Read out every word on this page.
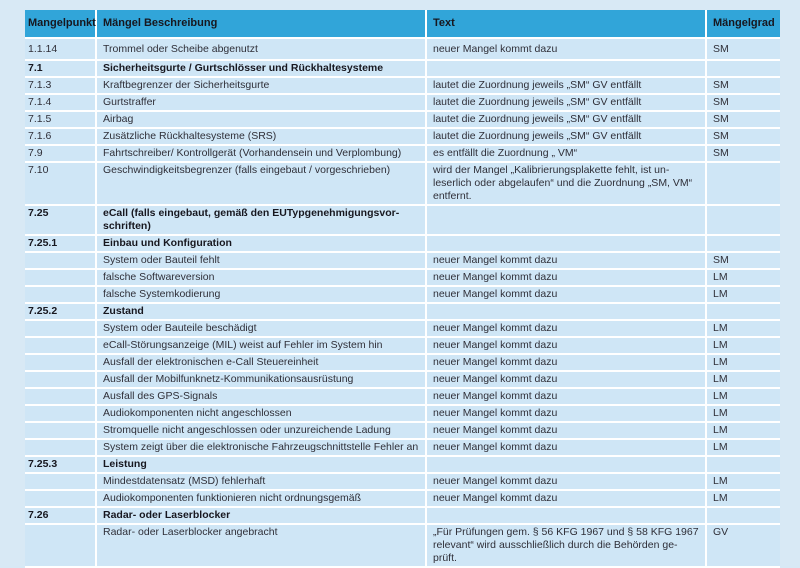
Mangelpunkt	Mängel Beschreibung	Text	Mängelgrad
1.1.14	Trommel oder Scheibe abgenutzt	neuer Mangel kommt dazu	SM
7.1	Sicherheitsgurte / Gurtschlösser und Rückhaltesysteme		
7.1.3	Kraftbegrenzer der Sicherheitsgurte	lautet die Zuordnung jeweils „SM“ GV entfällt	SM
7.1.4	Gurtstraffer	lautet die Zuordnung jeweils „SM“ GV entfällt	SM
7.1.5	Airbag	lautet die Zuordnung jeweils „SM“ GV entfällt	SM
7.1.6	Zusätzliche Rückhaltesysteme (SRS)	lautet die Zuordnung jeweils „SM“ GV entfällt	SM
7.9	Fahrtschreiber/ Kontrollgerät (Vorhandensein und Verplombung)	es entfällt die Zuordnung „ VM“	SM
7.10	Geschwindigkeitsbegrenzer (falls eingebaut / vorgeschrieben)	wird der Mangel „Kalibrierungsplakette fehlt, ist un-leserlich oder abgelaufen“ und die Zuordnung „SM, VM“ entfernt.	
7.25	eCall (falls eingebaut, gemäß den EUTypgenehmigungsvor-schriften)		
7.25.1	Einbau und Konfiguration		
	System oder Bauteil fehlt	neuer Mangel kommt dazu	SM
	falsche Softwareversion	neuer Mangel kommt dazu	LM
	falsche Systemkodierung	neuer Mangel kommt dazu	LM
7.25.2	Zustand		
	System oder Bauteile beschädigt	neuer Mangel kommt dazu	LM
	eCall-Störungsanzeige (MIL) weist auf Fehler im System hin	neuer Mangel kommt dazu	LM
	Ausfall der elektronischen e-Call Steuereinheit	neuer Mangel kommt dazu	LM
	Ausfall der Mobilfunknetz-Kommunikationsausrüstung	neuer Mangel kommt dazu	LM
	Ausfall des GPS-Signals	neuer Mangel kommt dazu	LM
	Audiokomponenten nicht angeschlossen	neuer Mangel kommt dazu	LM
	Stromquelle nicht angeschlossen oder unzureichende Ladung	neuer Mangel kommt dazu	LM
	System zeigt über die elektronische Fahrzeugschnittstelle Fehler an	neuer Mangel kommt dazu	LM
7.25.3	Leistung		
	Mindestdatensatz (MSD) fehlerhaft	neuer Mangel kommt dazu	LM
	Audiokomponenten funktionieren nicht ordnungsgemäß	neuer Mangel kommt dazu	LM
7.26	Radar- oder Laserblocker		
	Radar- oder Laserblocker angebracht	„Für Prüfungen gem. § 56 KFG 1967 und § 58 KFG 1967 relevant“ wird ausschließlich durch die Behörden ge-prüft.	GV
